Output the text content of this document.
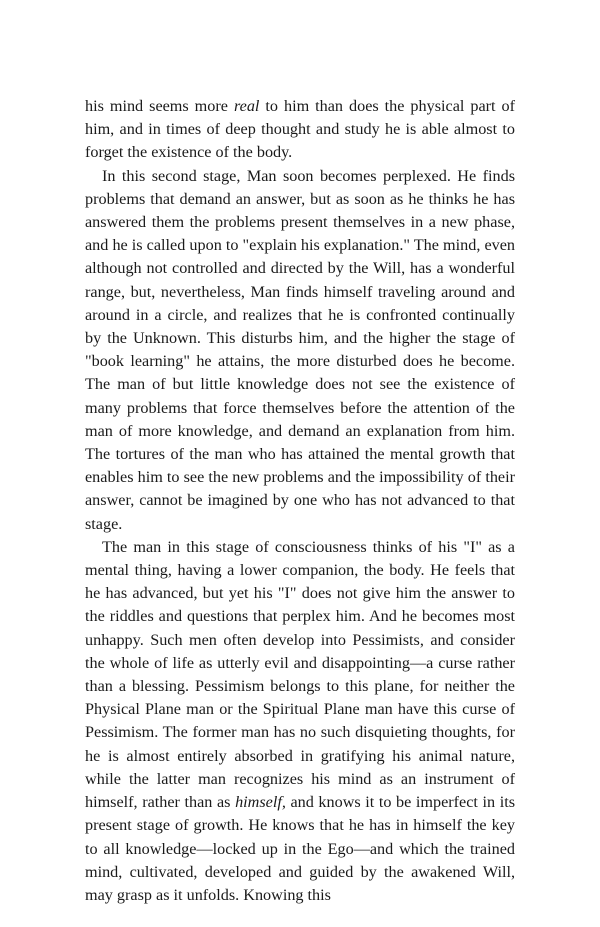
his mind seems more real to him than does the physical part of him, and in times of deep thought and study he is able almost to forget the existence of the body.

In this second stage, Man soon becomes perplexed. He finds problems that demand an answer, but as soon as he thinks he has answered them the problems present themselves in a new phase, and he is called upon to "explain his explanation." The mind, even although not controlled and directed by the Will, has a wonderful range, but, nevertheless, Man finds himself traveling around and around in a circle, and realizes that he is confronted continually by the Unknown. This disturbs him, and the higher the stage of "book learning" he attains, the more disturbed does he become. The man of but little knowledge does not see the existence of many problems that force themselves before the attention of the man of more knowledge, and demand an explanation from him. The tortures of the man who has attained the mental growth that enables him to see the new problems and the impossibility of their answer, cannot be imagined by one who has not advanced to that stage.

The man in this stage of consciousness thinks of his "I" as a mental thing, having a lower companion, the body. He feels that he has advanced, but yet his "I" does not give him the answer to the riddles and questions that perplex him. And he becomes most unhappy. Such men often develop into Pessimists, and consider the whole of life as utterly evil and disappointing—a curse rather than a blessing. Pessimism belongs to this plane, for neither the Physical Plane man or the Spiritual Plane man have this curse of Pessimism. The former man has no such disquieting thoughts, for he is almost entirely absorbed in gratifying his animal nature, while the latter man recognizes his mind as an instrument of himself, rather than as himself, and knows it to be imperfect in its present stage of growth. He knows that he has in himself the key to all knowledge—locked up in the Ego—and which the trained mind, cultivated, developed and guided by the awakened Will, may grasp as it unfolds. Knowing this
